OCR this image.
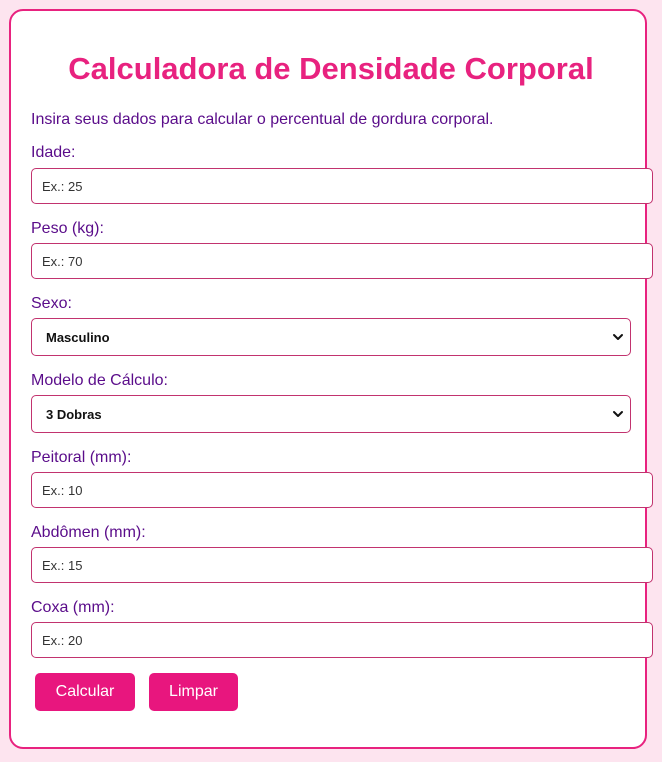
Calculadora de Densidade Corporal

Insira seus dados para calcular o percentual de gordura corporal.

Idade:
Ex.: 25
Peso (kg):
Ex.: 70
Sexo:
Masculino
Modelo de Cálculo:
3 Dobras
Peitoral (mm):
Ex.: 10
Abdômen (mm):
Ex.: 15
Coxa (mm):
Ex.: 20
Calcular	Limpar
